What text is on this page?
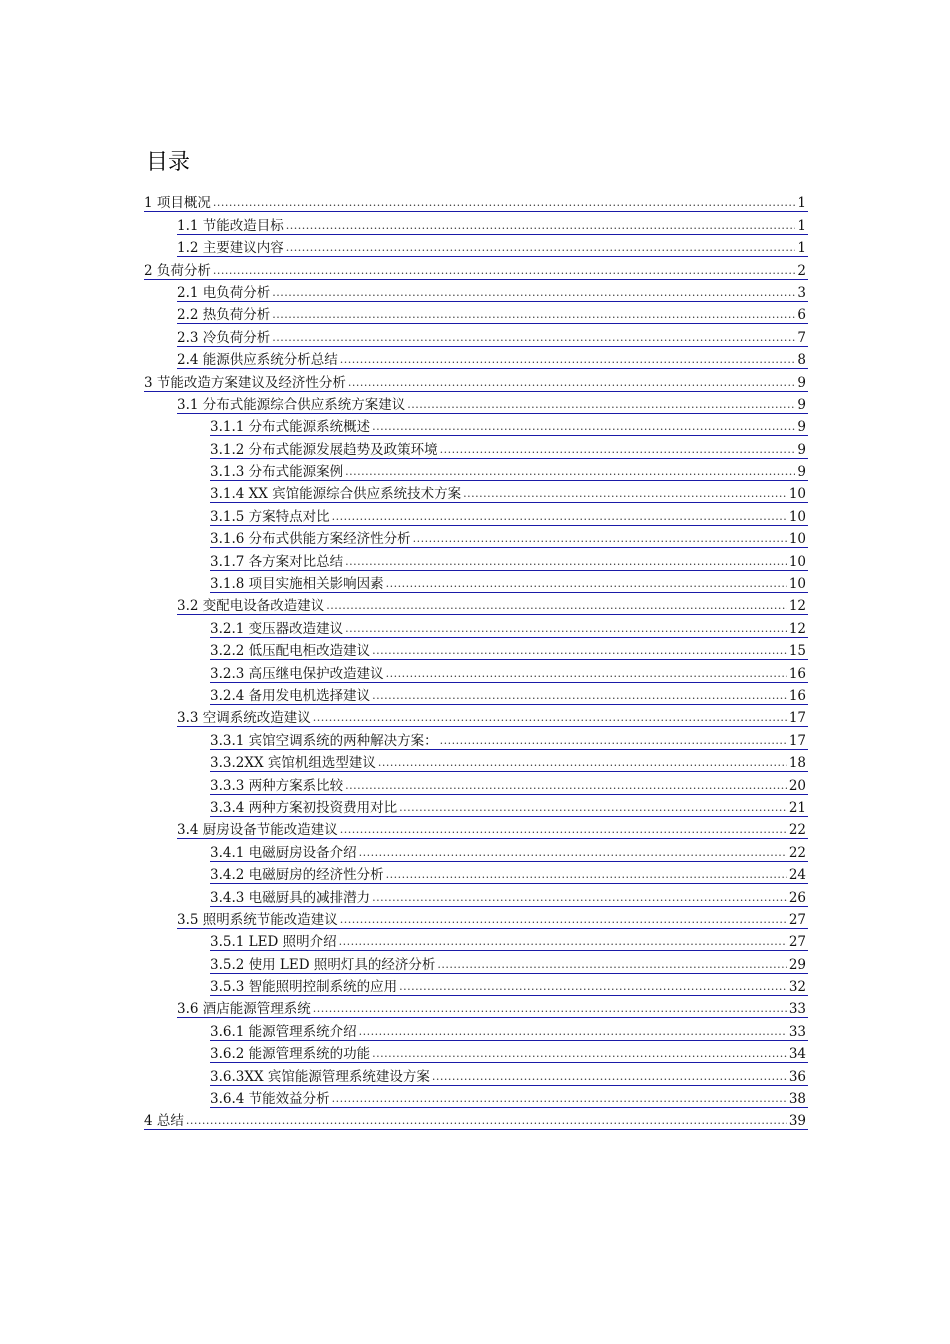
目录
1 项目概况 .....	1
1.1 节能改造目标 .....	1
1.2 主要建议内容 .....	1
2 负荷分析 .....	2
2.1 电负荷分析 .....	3
2.2 热负荷分析 .....	6
2.3 冷负荷分析 .....	7
2.4 能源供应系统分析总结 .....	8
3 节能改造方案建议及经济性分析 .....	9
3.1 分布式能源综合供应系统方案建议 .....	9
3.1.1 分布式能源系统概述 .....	9
3.1.2 分布式能源发展趋势及政策环境 .....	9
3.1.3 分布式能源案例 .....	9
3.1.4 XX 宾馆能源综合供应系统技术方案 .....	10
3.1.5 方案特点对比 .....	10
3.1.6 分布式供能方案经济性分析 .....	10
3.1.7 各方案对比总结 .....	10
3.1.8 项目实施相关影响因素 .....	10
3.2 变配电设备改造建议 .....	12
3.2.1 变压器改造建议 .....	12
3.2.2 低压配电柜改造建议 .....	15
3.2.3 高压继电保护改造建议 .....	16
3.2.4 备用发电机选择建议 .....	16
3.3 空调系统改造建议 .....	17
3.3.1 宾馆空调系统的两种解决方案： .....	17
3.3.2XX 宾馆机组选型建议 .....	18
3.3.3 两种方案系比较 .....	20
3.3.4 两种方案初投资费用对比 .....	21
3.4 厨房设备节能改造建议 .....	22
3.4.1 电磁厨房设备介绍 .....	22
3.4.2 电磁厨房的经济性分析 .....	24
3.4.3 电磁厨具的减排潜力 .....	26
3.5 照明系统节能改造建议 .....	27
3.5.1 LED 照明介绍 .....	27
3.5.2 使用 LED 照明灯具的经济分析 .....	29
3.5.3 智能照明控制系统的应用 .....	32
3.6 酒店能源管理系统 .....	33
3.6.1 能源管理系统介绍 .....	33
3.6.2 能源管理系统的功能 .....	34
3.6.3XX 宾馆能源管理系统建设方案 .....	36
3.6.4 节能效益分析 .....	38
4 总结 .....	39
